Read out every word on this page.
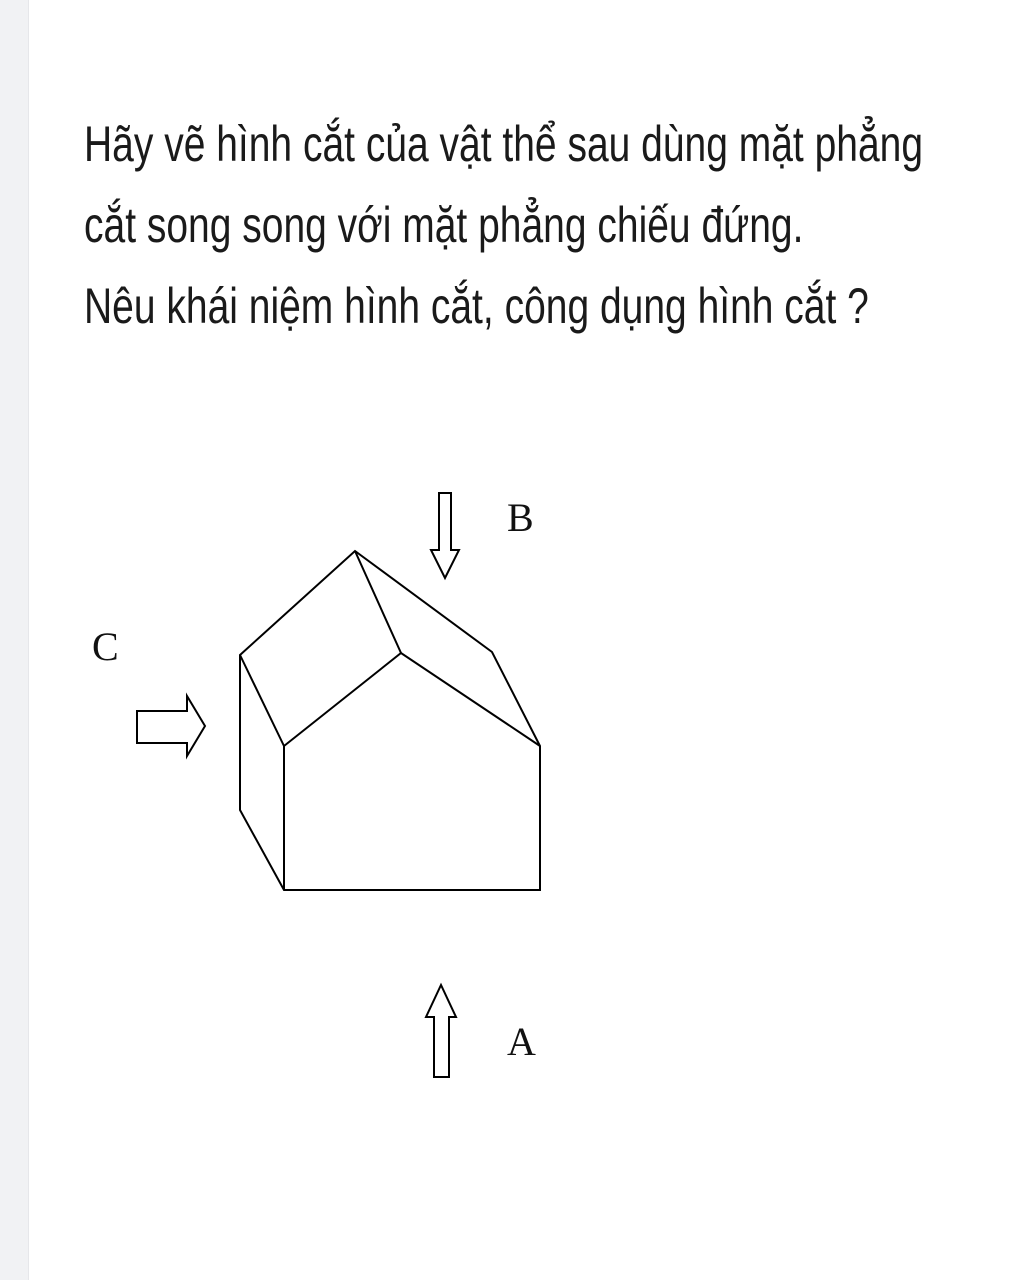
Hãy vẽ hình cắt của vật thể sau dùng mặt phẳng
cắt song song với mặt phẳng chiếu đứng.
Nêu khái niệm hình cắt, công dụng hình cắt ?
B
C
A
